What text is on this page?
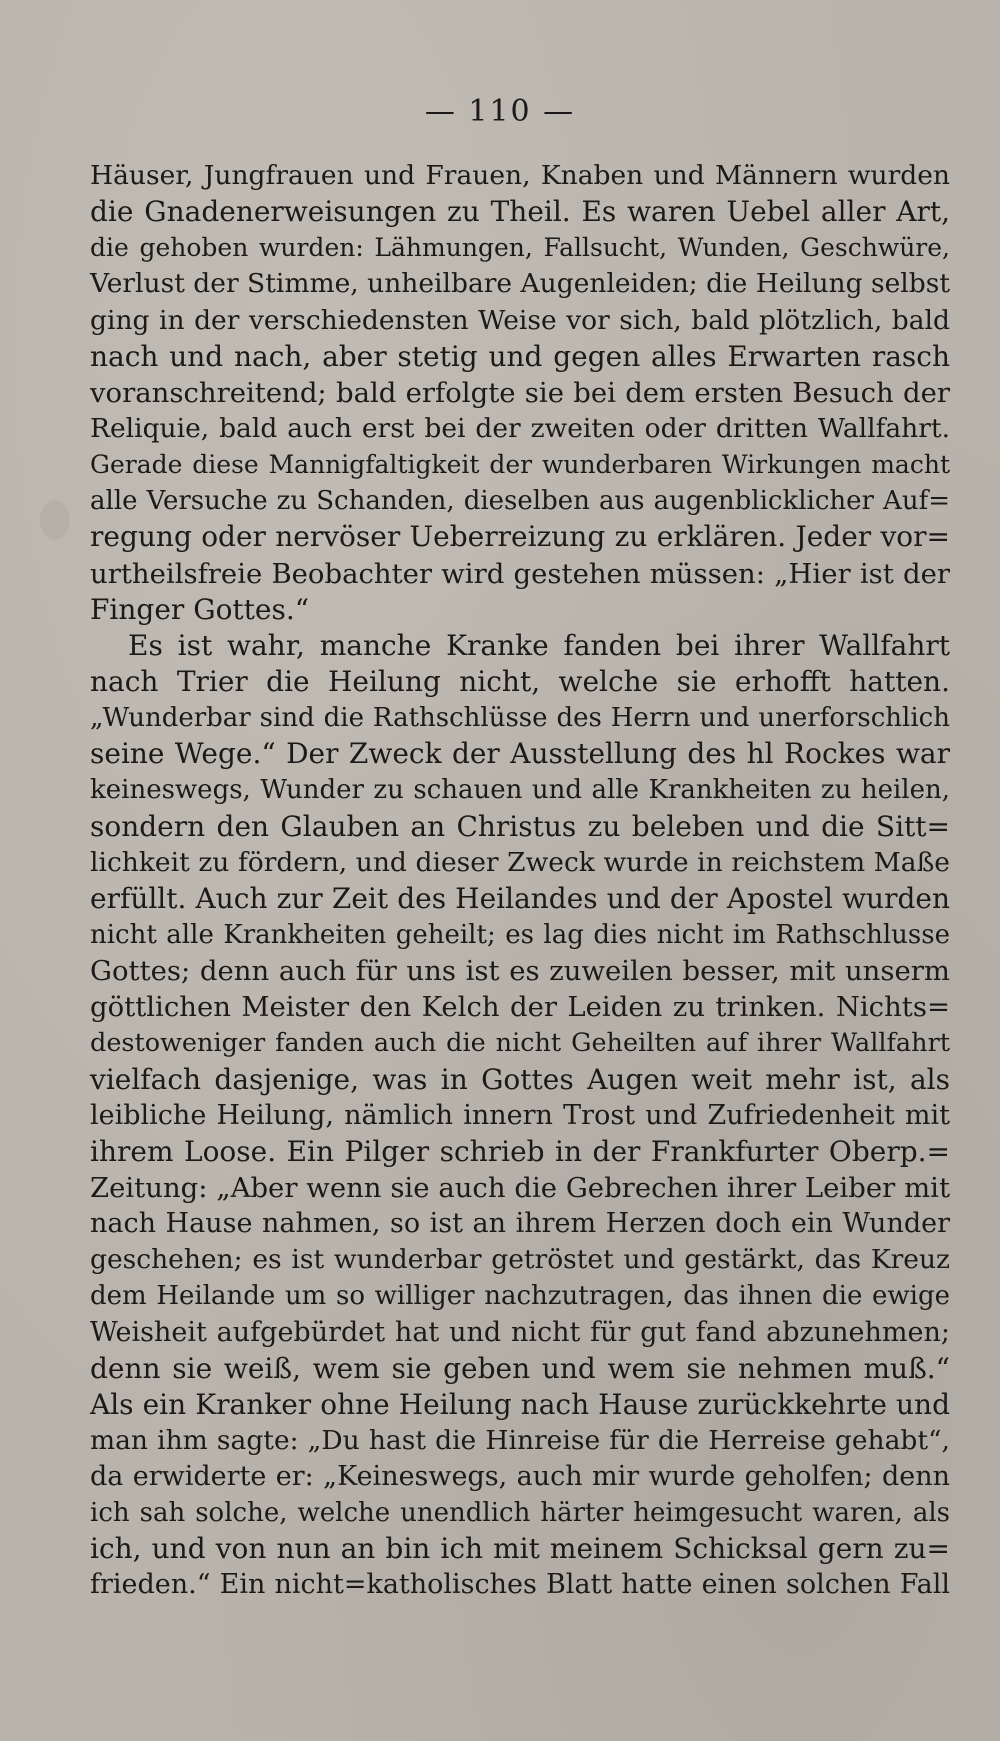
— 110 —
Häuser, Jungfrauen und Frauen, Knaben und Männern wurden
die Gnadenerweisungen zu Theil. Es waren Uebel aller Art,
die gehoben wurden: Lähmungen, Fallsucht, Wunden, Geschwüre,
Verlust der Stimme, unheilbare Augenleiden; die Heilung selbst
ging in der verschiedensten Weise vor sich, bald plötzlich, bald
nach und nach, aber stetig und gegen alles Erwarten rasch
voranschreitend; bald erfolgte sie bei dem ersten Besuch der
Reliquie, bald auch erst bei der zweiten oder dritten Wallfahrt.
Gerade diese Mannigfaltigkeit der wunderbaren Wirkungen macht
alle Versuche zu Schanden, dieselben aus augenblicklicher Auf=
regung oder nervöser Ueberreizung zu erklären. Jeder vor=
urtheilsfreie Beobachter wird gestehen müssen: „Hier ist der
Finger Gottes.“
Es ist wahr, manche Kranke fanden bei ihrer Wallfahrt
nach Trier die Heilung nicht, welche sie erhofft hatten.
„Wunderbar sind die Rathschlüsse des Herrn und unerforschlich
seine Wege.“ Der Zweck der Ausstellung des hl Rockes war
keineswegs, Wunder zu schauen und alle Krankheiten zu heilen,
sondern den Glauben an Christus zu beleben und die Sitt=
lichkeit zu fördern, und dieser Zweck wurde in reichstem Maße
erfüllt. Auch zur Zeit des Heilandes und der Apostel wurden
nicht alle Krankheiten geheilt; es lag dies nicht im Rathschlusse
Gottes; denn auch für uns ist es zuweilen besser, mit unserm
göttlichen Meister den Kelch der Leiden zu trinken. Nichts=
destoweniger fanden auch die nicht Geheilten auf ihrer Wallfahrt
vielfach dasjenige, was in Gottes Augen weit mehr ist, als
leibliche Heilung, nämlich innern Trost und Zufriedenheit mit
ihrem Loose. Ein Pilger schrieb in der Frankfurter Oberp.=
Zeitung: „Aber wenn sie auch die Gebrechen ihrer Leiber mit
nach Hause nahmen, so ist an ihrem Herzen doch ein Wunder
geschehen; es ist wunderbar getröstet und gestärkt, das Kreuz
dem Heilande um so williger nachzutragen, das ihnen die ewige
Weisheit aufgebürdet hat und nicht für gut fand abzunehmen;
denn sie weiß, wem sie geben und wem sie nehmen muß.“
Als ein Kranker ohne Heilung nach Hause zurückkehrte und
man ihm sagte: „Du hast die Hinreise für die Herreise gehabt“,
da erwiderte er: „Keineswegs, auch mir wurde geholfen; denn
ich sah solche, welche unendlich härter heimgesucht waren, als
ich, und von nun an bin ich mit meinem Schicksal gern zu=
frieden.“ Ein nicht=katholisches Blatt hatte einen solchen Fall
